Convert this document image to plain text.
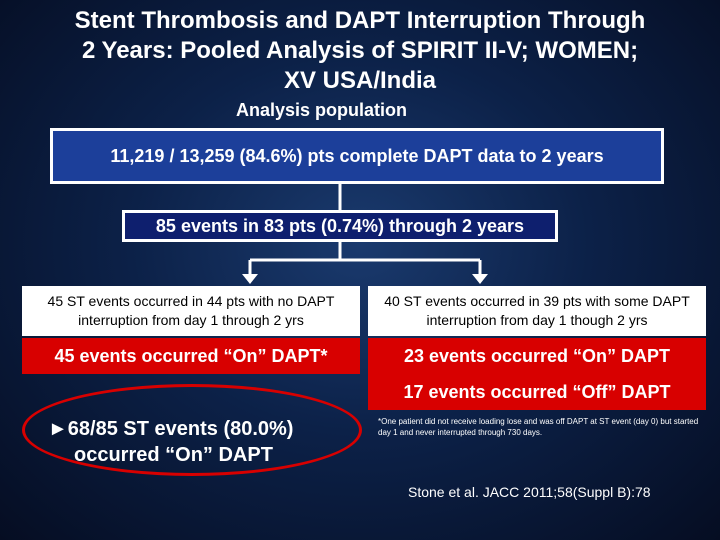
Stent Thrombosis and DAPT Interruption Through
2 Years: Pooled Analysis of SPIRIT II-V; WOMEN;
XV USA/India
Analysis population
11,219 / 13,259 (84.6%) pts complete DAPT data to 2 years
85 events in 83 pts (0.74%) through 2 years
45 ST events occurred in 44 pts with no DAPT interruption from day 1 through 2 yrs
40 ST events occurred in 39 pts with some DAPT interruption from day 1 though 2 yrs
45 events occurred “On” DAPT*	23 events occurred “On” DAPT
17 events occurred “Off” DAPT
►68/85 ST events (80.0%)
occurred “On” DAPT
*One patient did not receive loading lose and was off DAPT at ST event (day 0) but started day 1 and never interrupted through 730 days.
Stone et al. JACC 2011;58(Suppl B):78
